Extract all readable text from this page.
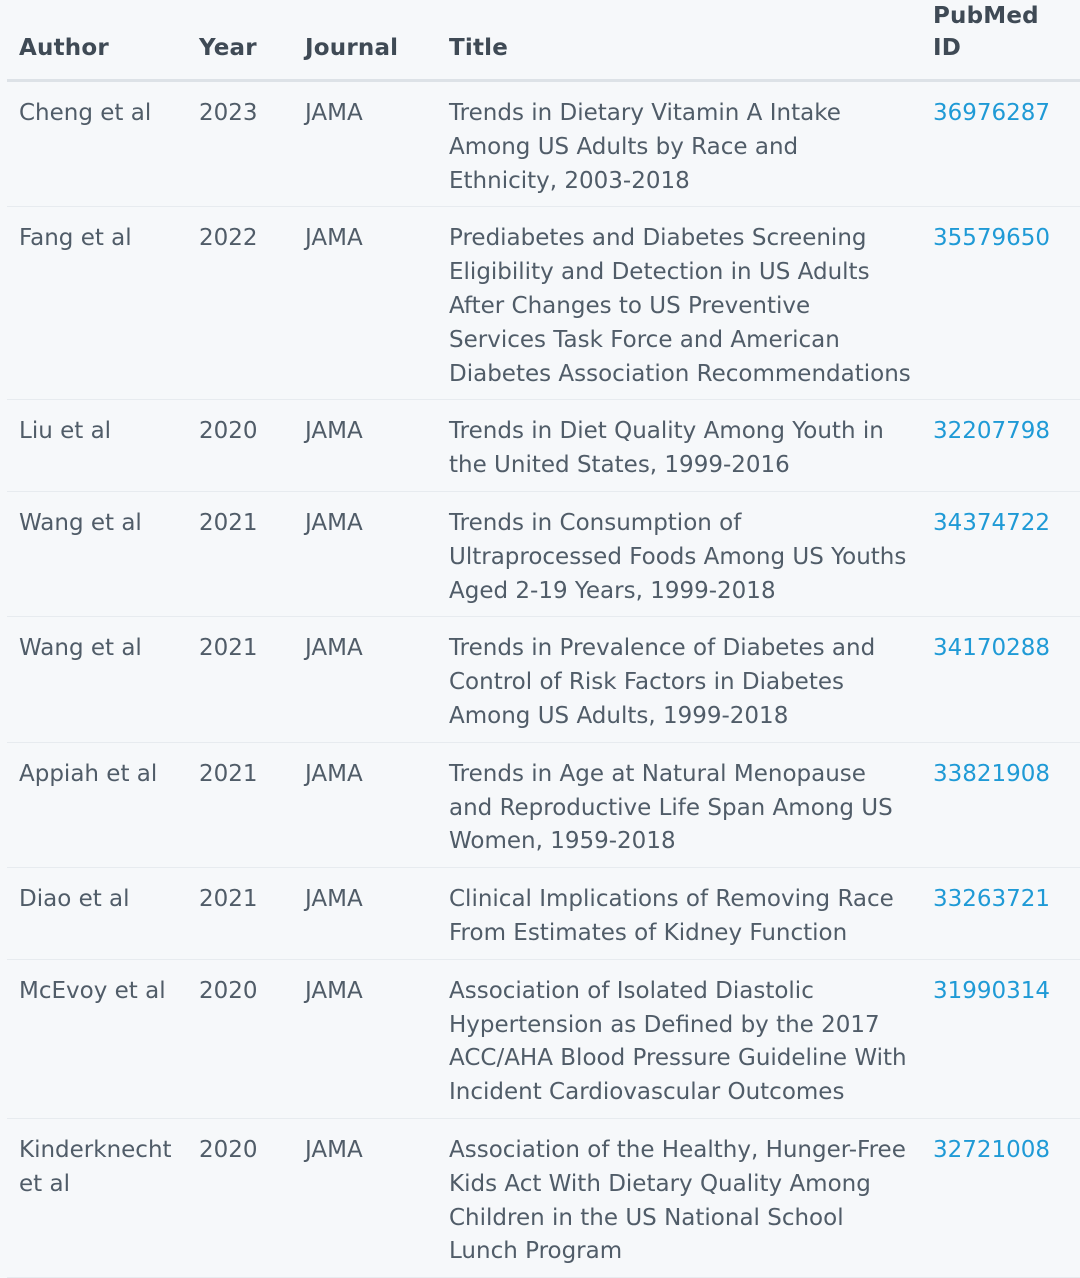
Author	Year	Journal	Title	PubMed ID
Cheng et al	2023	JAMA	Trends in Dietary Vitamin A Intake Among US Adults by Race and Ethnicity, 2003-2018	36976287
Fang et al	2022	JAMA	Prediabetes and Diabetes Screening Eligibility and Detection in US Adults After Changes to US Preventive Services Task Force and American Diabetes Association Recommendations	35579650
Liu et al	2020	JAMA	Trends in Diet Quality Among Youth in the United States, 1999-2016	32207798
Wang et al	2021	JAMA	Trends in Consumption of Ultraprocessed Foods Among US Youths Aged 2-19 Years, 1999-2018	34374722
Wang et al	2021	JAMA	Trends in Prevalence of Diabetes and Control of Risk Factors in Diabetes Among US Adults, 1999-2018	34170288
Appiah et al	2021	JAMA	Trends in Age at Natural Menopause and Reproductive Life Span Among US Women, 1959-2018	33821908
Diao et al	2021	JAMA	Clinical Implications of Removing Race From Estimates of Kidney Function	33263721
McEvoy et al	2020	JAMA	Association of Isolated Diastolic Hypertension as Defined by the 2017 ACC/AHA Blood Pressure Guideline With Incident Cardiovascular Outcomes	31990314
Kinderknecht et al	2020	JAMA	Association of the Healthy, Hunger-Free Kids Act With Dietary Quality Among Children in the US National School Lunch Program	32721008
